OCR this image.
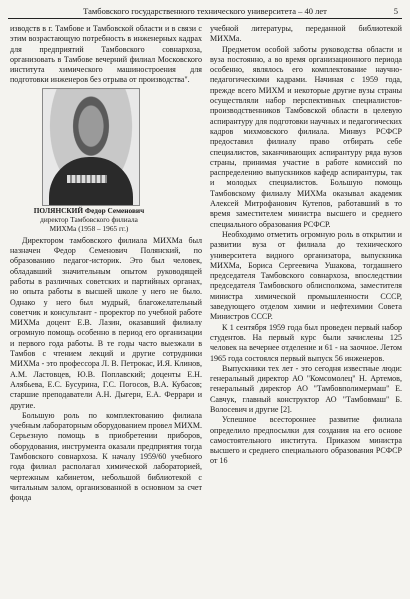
Тамбовского государственного технического университета – 40 лет	5

изводств в г. Тамбове и Тамбовской области и в связи с этим возрастающую потребность в инженерных кадрах для предприятий Тамбовского совнархоза, организовать в Тамбове вечерний филиал Московского института химического машиностроения для подготовки инженеров без отрыва от производства".

ПОЛЯНСКИЙ Федор Семенович
директор Тамбовского филиала
МИХМа (1958 – 1965 гг.)

Директором тамбовского филиала МИХМа был назначен Федор Семенович Полянский, по образованию педагог-историк. Это был человек, обладавший значительным опытом руководящей работы в различных советских и партийных органах, но опыта работы в высшей школе у него не было. Однако у него был мудрый, благожелательный советчик и консультант - проректор по учебной работе МИХМа доцент Е.В. Лазин, оказавший филиалу огромную помощь особенно в период его организации и первого года работы. В те годы часто выезжали в Тамбов с чтением лекций и другие сотрудники МИХМа - это профессора Л. В. Петрокас, И.Я. Клинов, А.М. Ластовцев, Ю.В. Поплавский; доценты Е.Н. Алябьева, Е.С. Бусурина, Г.С. Погосов, В.А. Кубасов; старшие преподаватели А.Н. Дыгерн, Е.А. Феррари и другие.

Большую роль по комплектованию филиала учебным лабораторным оборудованием провел МИХМ. Серьезную помощь в приобретении приборов, оборудования, инструмента оказали предприятия тогда Тамбовского совнархоза. К началу 1959/60 учебного года филиал располагал химической лабораторией, чертежным кабинетом, небольшой библиотекой с читальным залом, организованной в основном за счет фонда

учебной литературы, переданной библиотекой МИХМа.

Предметом особой заботы руководства области и вуза постоянно, а во время организационного периода особенно, являлось его комплектование научно-педагогическими кадрами. Начиная с 1959 года, прежде всего МИХМ и некоторые другие вузы страны осуществляли набор перспективных специалистов-производственников Тамбовской области в целевую аспирантуру для подготовки научных и педагогических кадров михмовского филиала. Минвуз РСФСР предоставил филиалу право отбирать себе специалистов, заканчивающих аспирантуру ряда вузов страны, принимая участие в работе комиссий по распределению выпускников кафедр аспирантуры, так и молодых специалистов. Большую помощь Тамбовскому филиалу МИХМа оказывал академик Алексей Митрофанович Кутепов, работавший в то время заместителем министра высшего и среднего специального образования РСФСР.

Необходимо отметить огромную роль в открытии и развитии вуза от филиала до технического университета видного организатора, выпускника МИХМа, Бориса Сергеевича Ушакова, тогдашнего председателя Тамбовского совнархоза, впоследствии председателя Тамбовского облисполкома, заместителя министра химической промышленности СССР, заведующего отделом химии и нефтехимии Совета Министров СССР.

К 1 сентября 1959 года был проведен первый набор студентов. На первый курс были зачислены 125 человек на вечернее отделение и 61 - на заочное. Летом 1965 года состоялся первый выпуск 56 инженеров.

Выпускники тех лет - это сегодня известные люди: генеральный директор АО "Комсомолец" Н. Артемов, генеральный директор АО "Тамбовполимермаш" Е. Савчук, главный конструктор АО "Тамбовмаш" Б. Волосевич и другие [2].

Успешное всестороннее развитие филиала определило предпосылки для создания на его основе самостоятельного института. Приказом министра высшего и среднего специального образования РСФСР от 16
